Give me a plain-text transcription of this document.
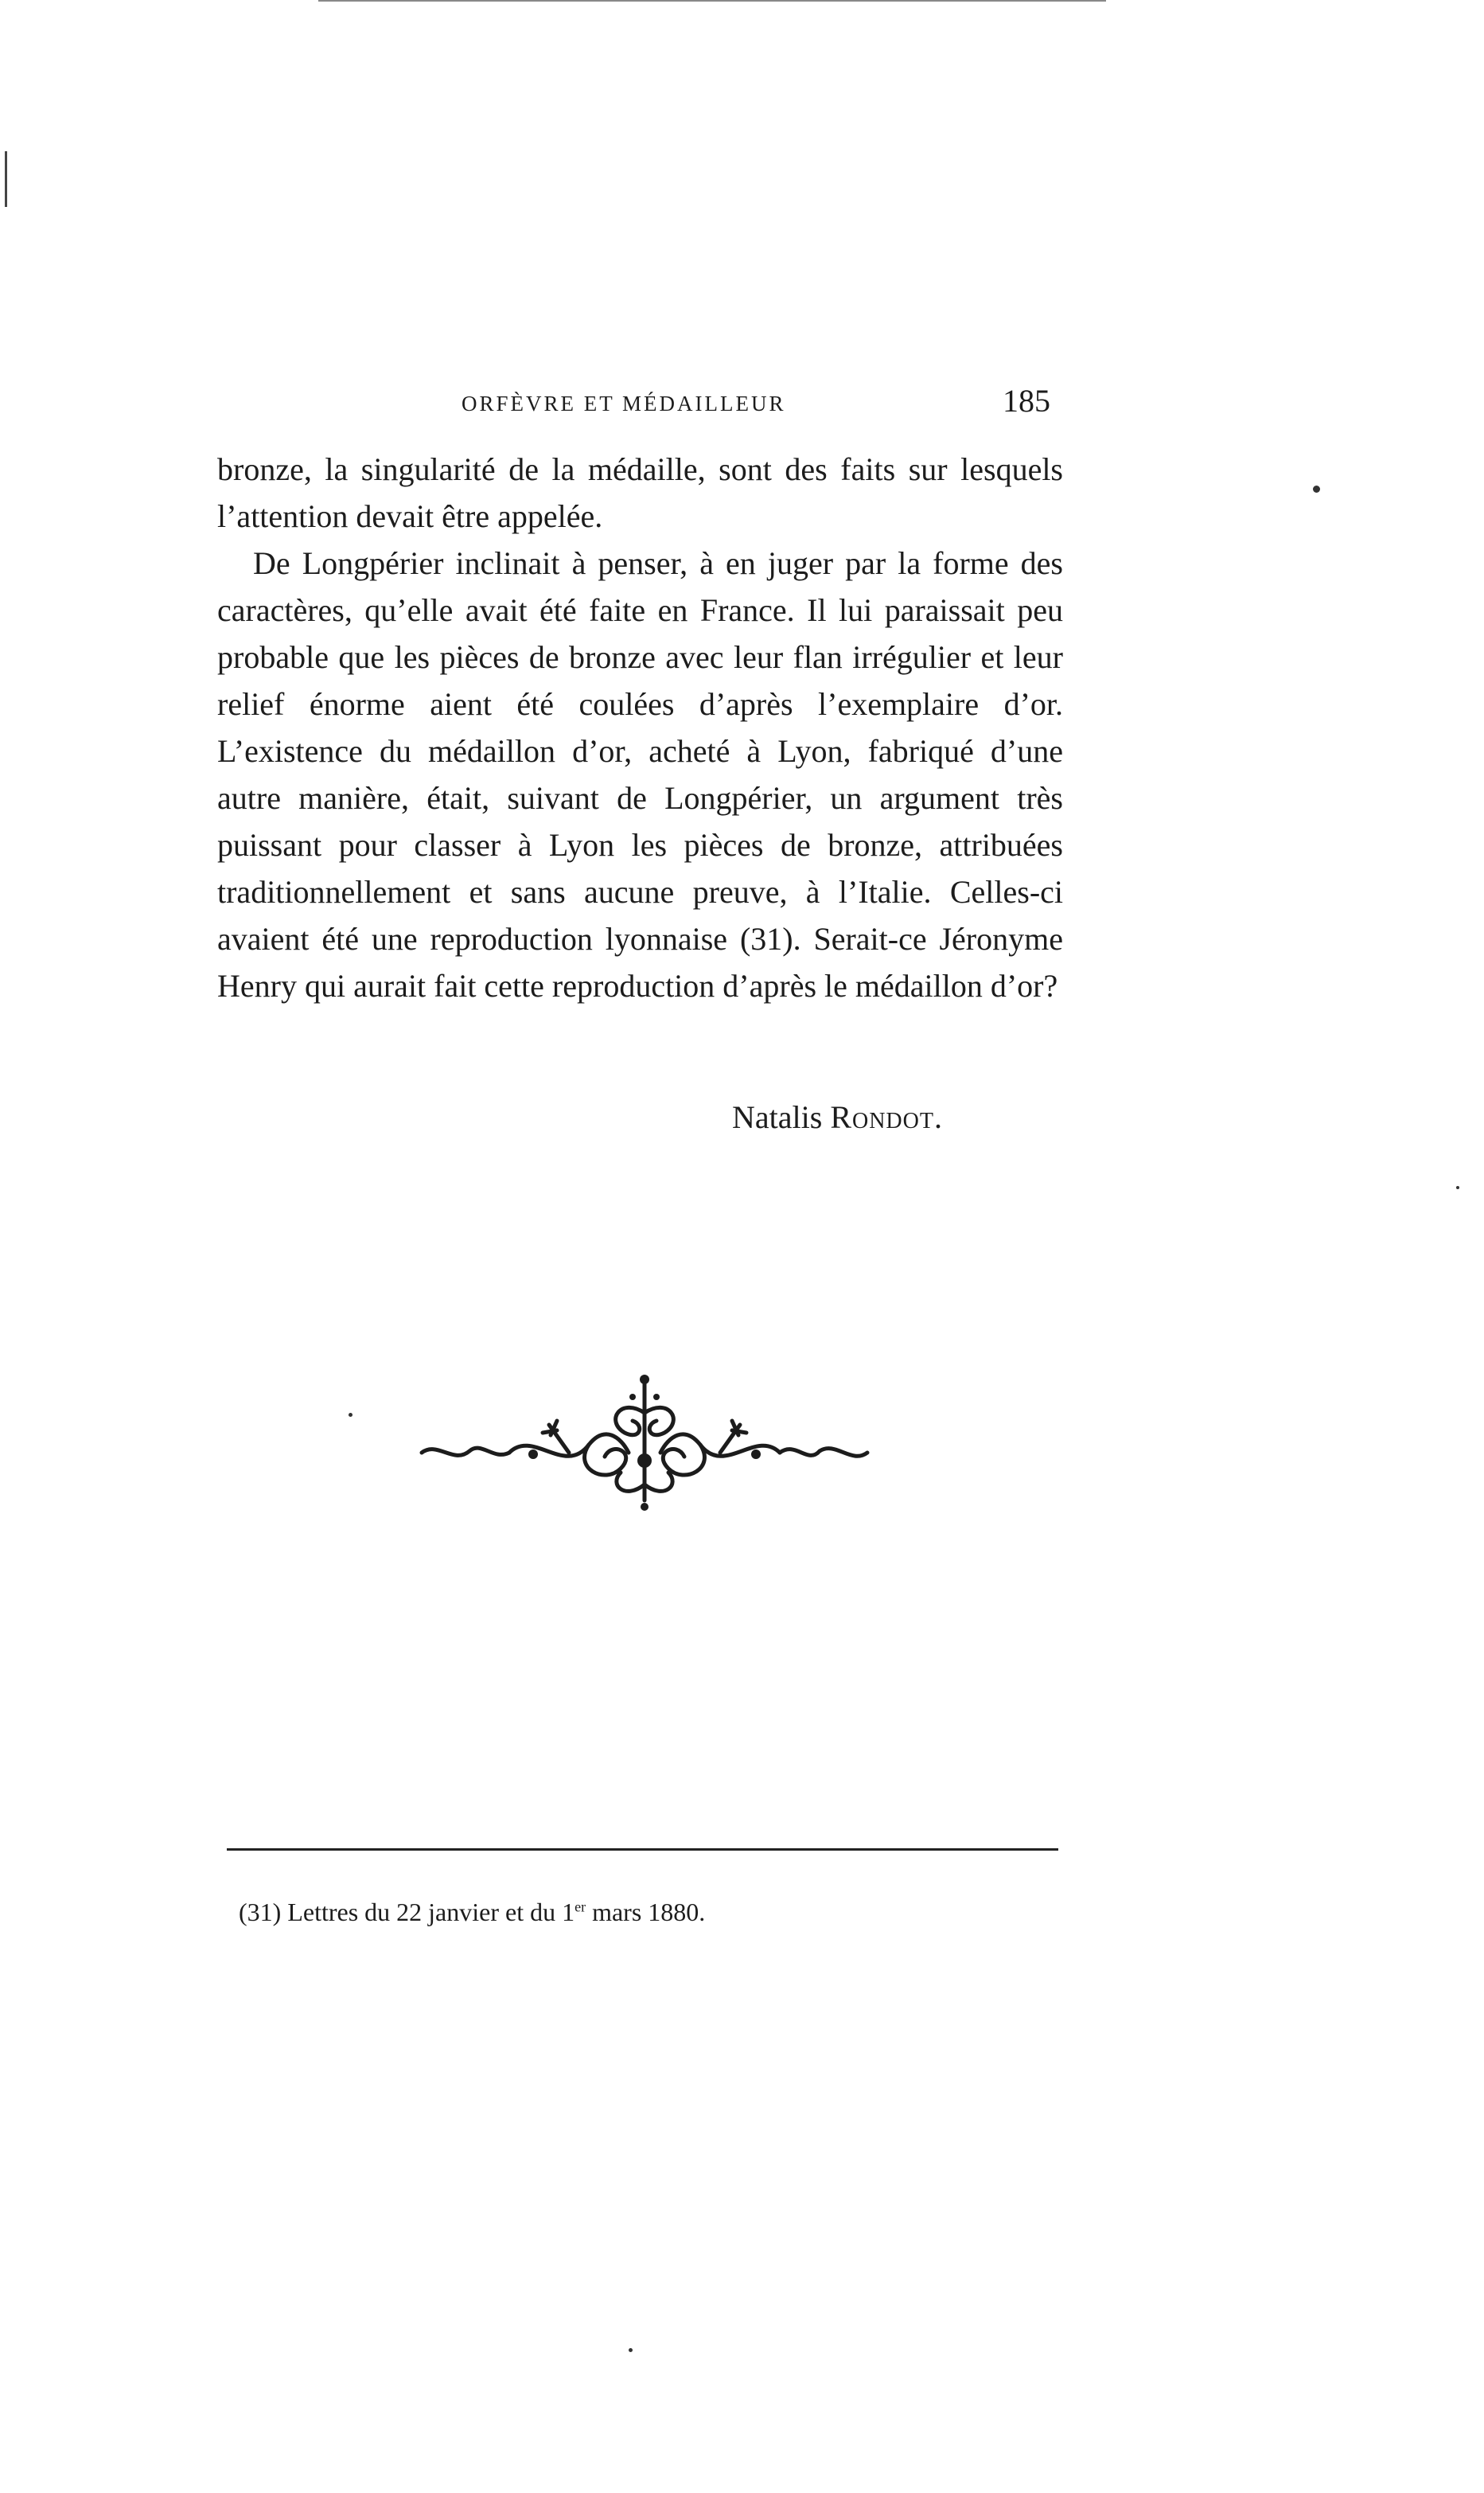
ORFÈVRE ET MÉDAILLEUR	185

bronze, la singularité de la médaille, sont des faits sur lesquels l’attention devait être appelée.

De Longpérier inclinait à penser, à en juger par la forme des caractères, qu’elle avait été faite en France. Il lui paraissait peu probable que les pièces de bronze avec leur flan irrégulier et leur relief énorme aient été coulées d’après l’exemplaire d’or. L’existence du médaillon d’or, acheté à Lyon, fabriqué d’une autre manière, était, suivant de Longpérier, un argument très puissant pour classer à Lyon les pièces de bronze, attribuées traditionnellement et sans aucune preuve, à l’Italie. Celles-ci avaient été une reproduction lyonnaise (31). Serait-ce Jéronyme Henry qui aurait fait cette reproduction d’après le médaillon d’or?

Natalis Rondot.
(31) Lettres du 22 janvier et du 1er mars 1880.
